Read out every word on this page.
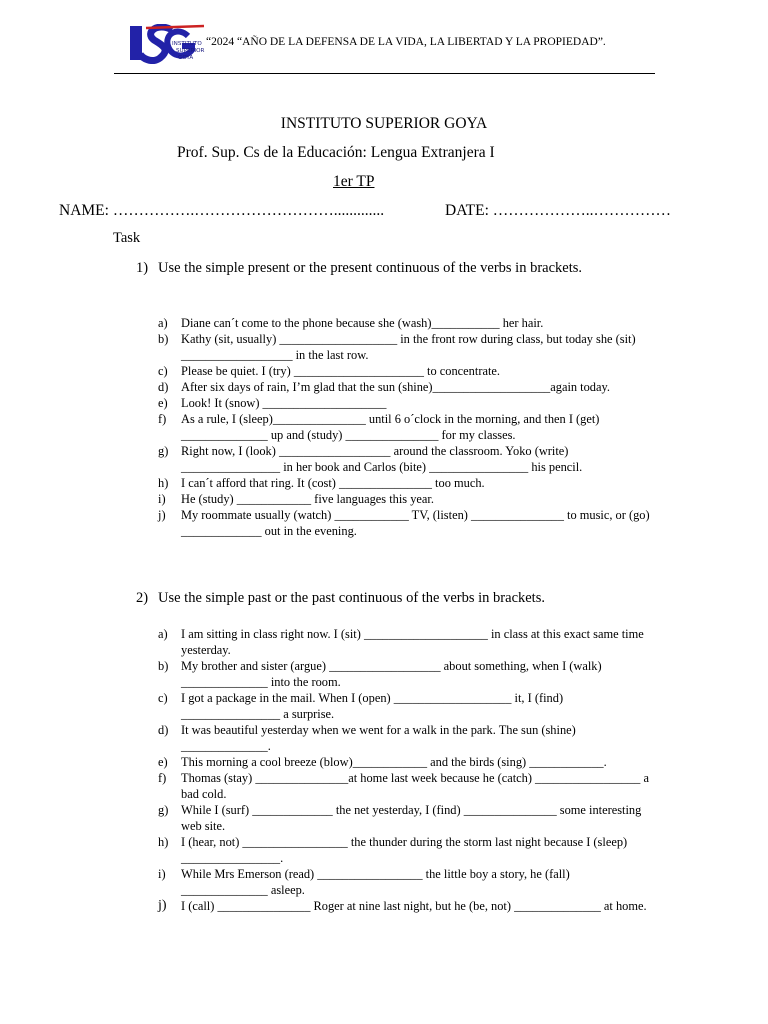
INSTITUTO
SUPERIOR
GOYA
“2024 “AÑO DE LA DEFENSA DE LA VIDA, LA LIBERTAD Y LA PROPIEDAD”.
INSTITUTO SUPERIOR GOYA
Prof. Sup. Cs de la Educación: Lengua Extranjera I
1er TP
NAME: …………….……………………….............	DATE: ………………..……………
Task
1) Use the simple present or the present continuous of the verbs in brackets.
a) Diane can´t come to the phone because she (wash)___________ her hair.
b) Kathy (sit, usually) ___________________ in the front row during class, but today she (sit) __________________ in the last row.
c) Please be quiet. I (try) _____________________ to concentrate.
d) After six days of rain, I’m glad that the sun (shine)___________________again today.
e) Look! It (snow) ____________________
f) As a rule, I (sleep)_______________ until 6 o´clock in the morning, and then I (get) ______________ up and (study) _______________ for my classes.
g) Right now, I (look) __________________ around the classroom. Yoko (write) ________________ in her book and Carlos (bite) ________________ his pencil.
h) I can´t afford that ring. It (cost) _______________ too much.
i) He (study) ____________ five languages this year.
j) My roommate usually (watch) ____________ TV, (listen) _______________ to music, or (go) _____________ out in the evening.
2) Use the simple past or the past continuous of the verbs in brackets.
a) I am sitting in class right now. I (sit) ____________________ in class at this exact same time yesterday.
b) My brother and sister (argue) __________________ about something, when I (walk) ______________ into the room.
c) I got a package in the mail. When I (open) ___________________ it, I (find) ________________ a surprise.
d) It was beautiful yesterday when we went for a walk in the park. The sun (shine) ______________.
e) This morning a cool breeze (blow)____________ and the birds (sing) ____________.
f) Thomas (stay) _______________at home last week because he (catch) _________________ a bad cold.
g) While I (surf) _____________ the net yesterday, I (find) _______________ some interesting web site.
h) I (hear, not) _________________ the thunder during the storm last night because I (sleep) ________________.
i) While Mrs Emerson (read) _________________ the little boy a story, he (fall) ______________ asleep.
j) I (call) _______________ Roger at nine last night, but he (be, not) ______________ at home.
